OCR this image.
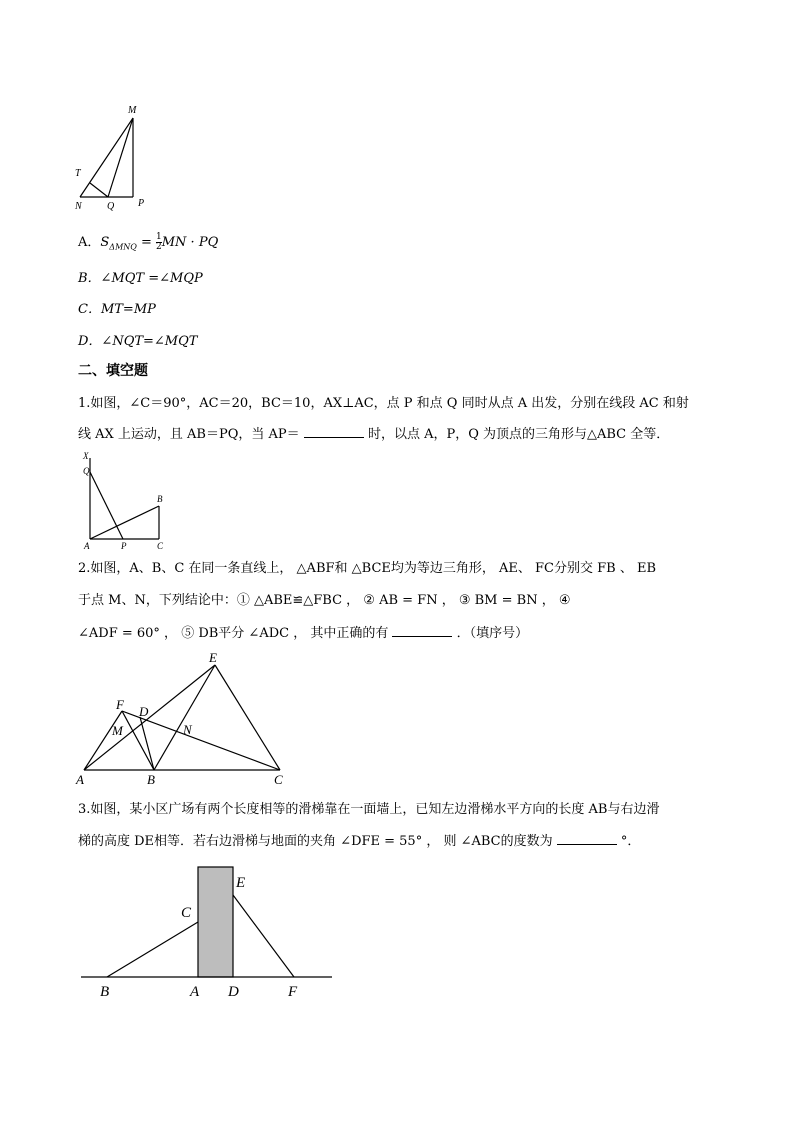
M
T
N	Q P
A．$S_{\Delta MNQ} = \frac{1}{2}$ MN · PQ
B．∠MQT =∠MQP
C．MT=MP
D．∠NQT=∠MQT
二、填空题
1.如图，∠C＝90°，AC＝20，BC＝10，AX⊥AC，点 P 和点 Q 同时从点 A 出发，分别在线段 AC 和射
线 AX 上运动，且 AB＝PQ，当 AP＝	时，以点 A，P，Q 为顶点的三角形与△ABC 全等．
X
Q
B
A	P	C
2.如图，A、B、C 在同一条直线上， △ABF和 △BCE均为等边三角形， AE、 FC分别交 FB 、 EB
于点 M、N，下列结论中：① △ABE≌△FBC ， ② AB = FN ， ③ BM = BN ， ④
∠ADF = 60° ， ⑤ DB平分 ∠ADC ， 其中正确的有	．（填序号）
E
F D
M	N
A	B	C
3.如图，某小区广场有两个长度相等的滑梯靠在一面墙上，已知左边滑梯水平方向的长度 AB与右边滑
梯的高度 DE相等．若右边滑梯与地面的夹角 ∠DFE = 55° ， 则 ∠ABC的度数为	°．
C
E
B	A D	F
